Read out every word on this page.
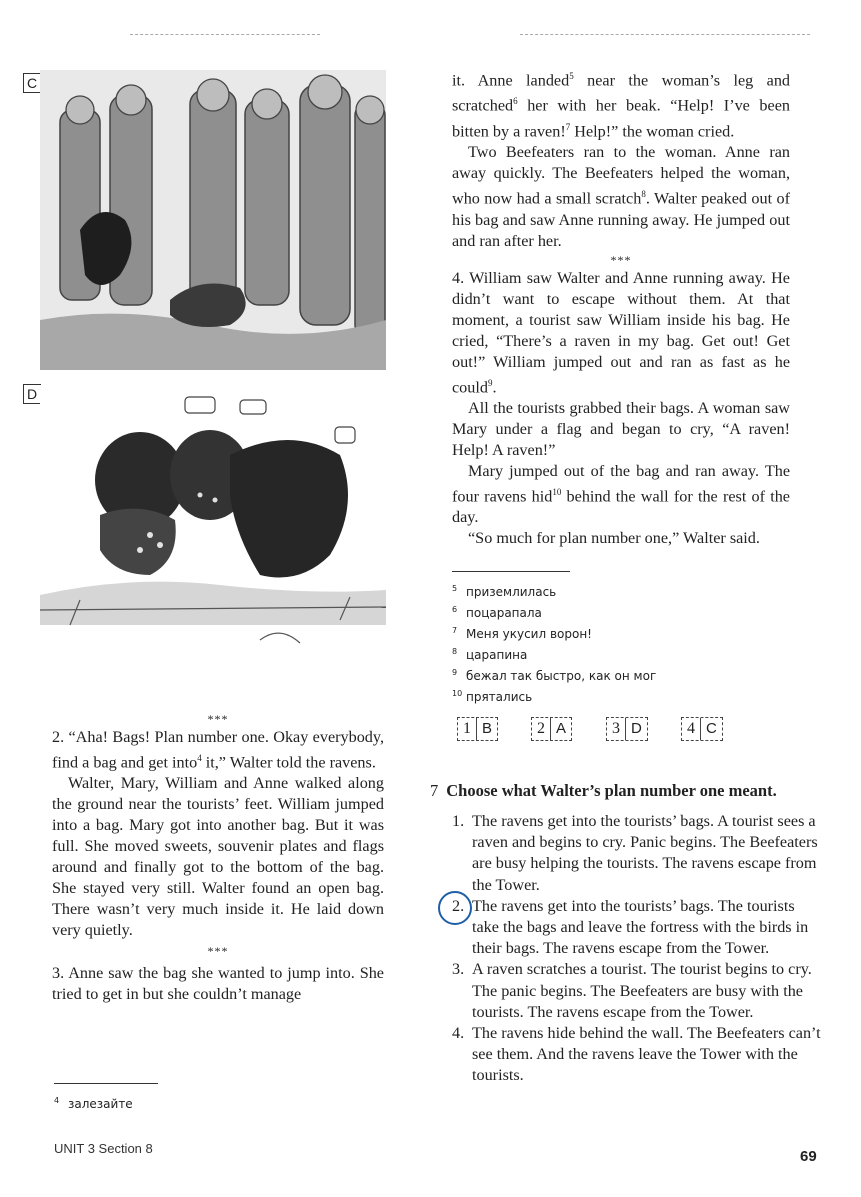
C
D
***

2. “Aha! Bags! Plan number one. Okay everybody, find a bag and get into$^4$ it,” Walter told the ravens.

Walter, Mary, William and Anne walked along the ground near the tourists’ feet. William jumped into a bag. Mary got into another bag. But it was full. She moved sweets, souvenir plates and flags around and finally got to the bottom of the bag. She stayed very still. Walter found an open bag. There wasn’t very much inside it. He laid down very quietly.

***

3. Anne saw the bag she wanted to jump into. She tried to get in but she couldn’t manage

$^4$ залезайте

it. Anne landed$^5$ near the woman’s leg and scratched$^6$ her with her beak. “Help! I’ve been bitten by a raven!$^7$ Help!” the woman cried.

Two Beefeaters ran to the woman. Anne ran away quickly. The Beefeaters helped the woman, who now had a small scratch$^8$. Walter peaked out of his bag and saw Anne running away. He jumped out and ran after her.

***

4. William saw Walter and Anne running away. He didn’t want to escape without them. At that moment, a tourist saw William inside his bag. He cried, “There’s a raven in my bag. Get out! Get out!” William jumped out and ran as fast as he could$^9$.

All the tourists grabbed their bags. A woman saw Mary under a flag and began to cry, “A raven! Help! A raven!”

Mary jumped out of the bag and ran away. The four ravens hid$^{10}$ behind the wall for the rest of the day.

“So much for plan number one,” Walter said.

$^5$ приземлилась
$^6$ поцарапала
$^7$ Меня укусил ворон!
$^8$ царапина
$^9$ бежал так быстро, как он мог
$^{10}$ прятались
1 B	2 A	3 D	4 C
7 Choose what Walter’s plan number one meant.
1. The ravens get into the tourists’ bags. A tourist sees a raven and begins to cry. Panic begins. The Beefeaters are busy helping the tourists. The ravens escape from the Tower.
2. The ravens get into the tourists’ bags. The tourists take the bags and leave the fortress with the birds in their bags. The ravens escape from the Tower.
3. A raven scratches a tourist. The tourist begins to cry. The panic begins. The Beefeaters are busy with the tourists. The ravens escape from the Tower.
4. The ravens hide behind the wall. The Beefeaters can’t see them. And the ravens leave the Tower with the tourists.
UNIT 3 Section 8	69
